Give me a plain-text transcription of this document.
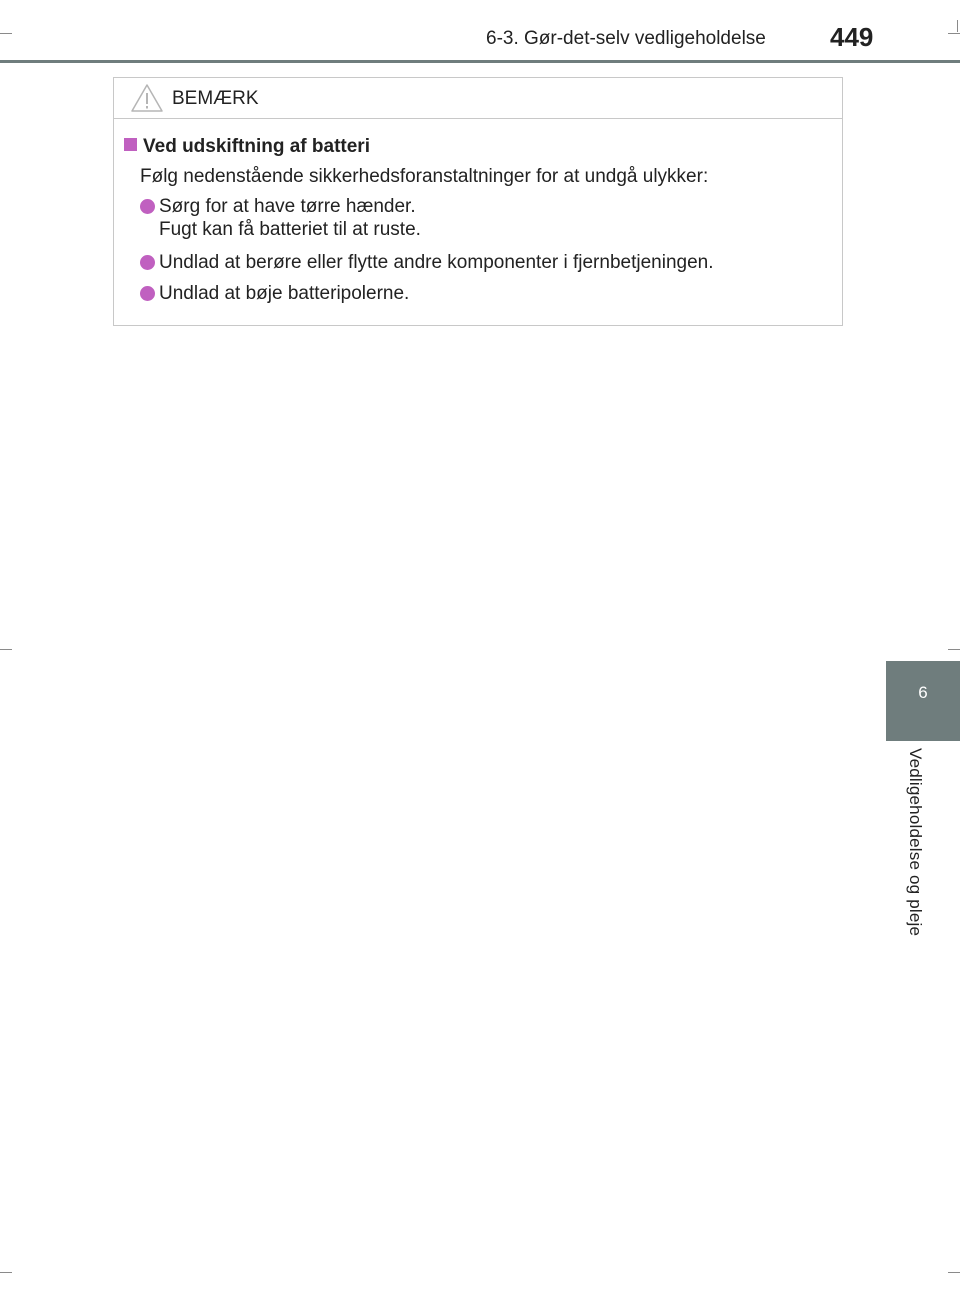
6-3. Gør-det-selv vedligeholdelse 449
6
Vedligeholdelse og pleje
BEMÆRK
Ved udskiftning af batteri
Følg nedenstående sikkerhedsforanstaltninger for at undgå ulykker:
Sørg for at have tørre hænder.
Fugt kan få batteriet til at ruste.
Undlad at berøre eller flytte andre komponenter i fjernbetjeningen.
Undlad at bøje batteripolerne.
